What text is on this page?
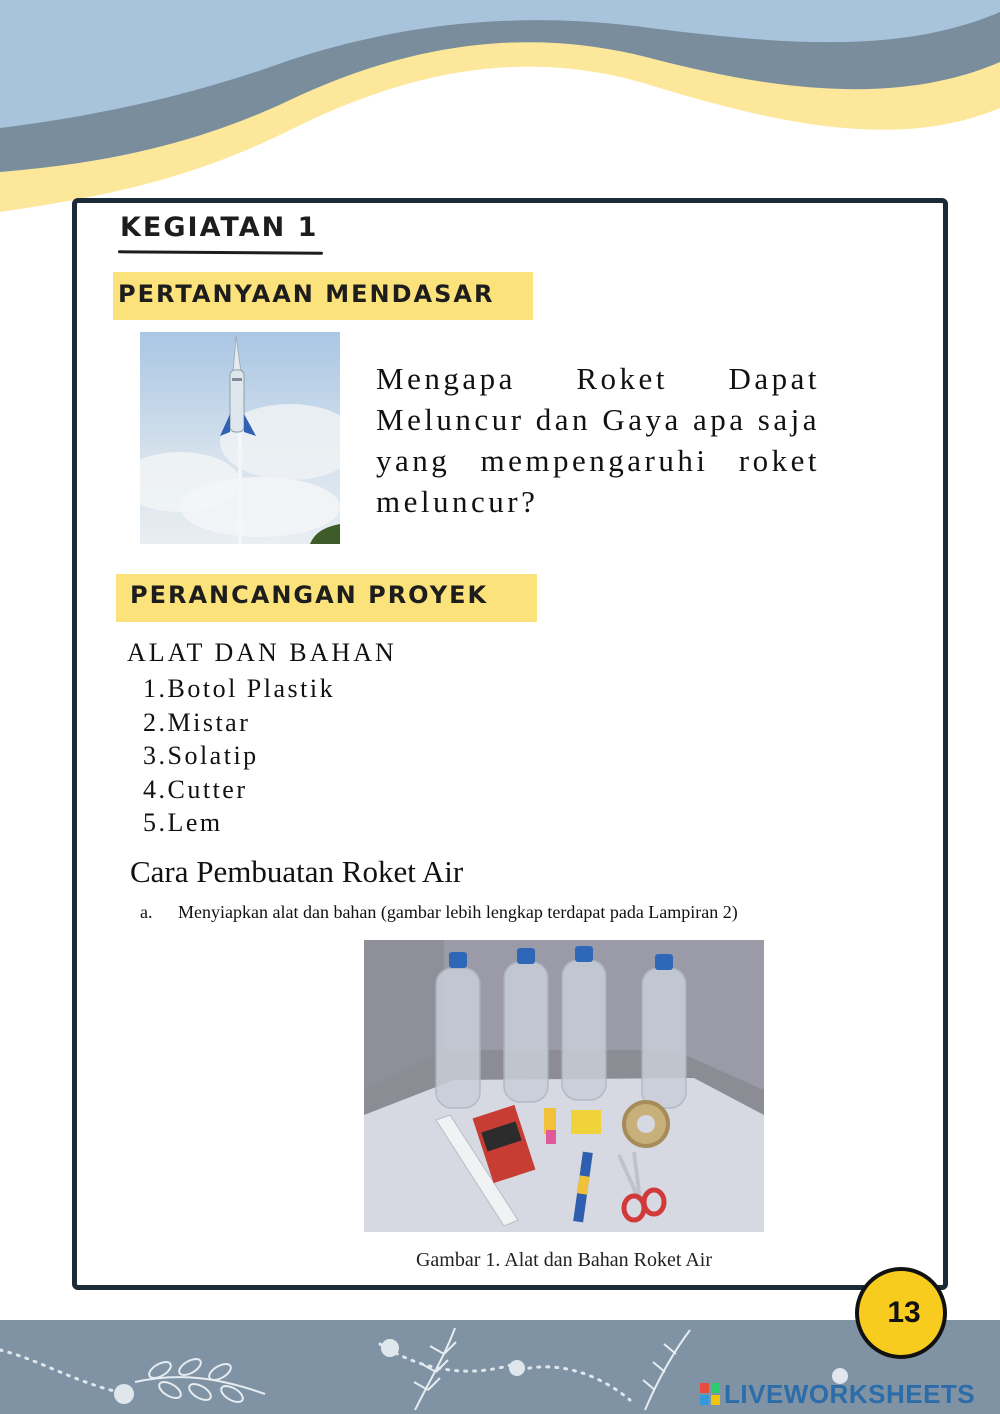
KEGIATAN 1
PERTANYAAN MENDASAR
Mengapa Roket Dapat Meluncur dan Gaya apa saja yang mempengaruhi roket meluncur?
PERANCANGAN PROYEK
ALAT DAN BAHAN
1.Botol Plastik
2.Mistar
3.Solatip
4.Cutter
5.Lem
Cara Pembuatan Roket Air
a. Menyiapkan alat dan bahan (gambar lebih lengkap terdapat pada Lampiran 2)
Gambar 1. Alat dan Bahan Roket Air
13
LIVEWORKSHEETS
